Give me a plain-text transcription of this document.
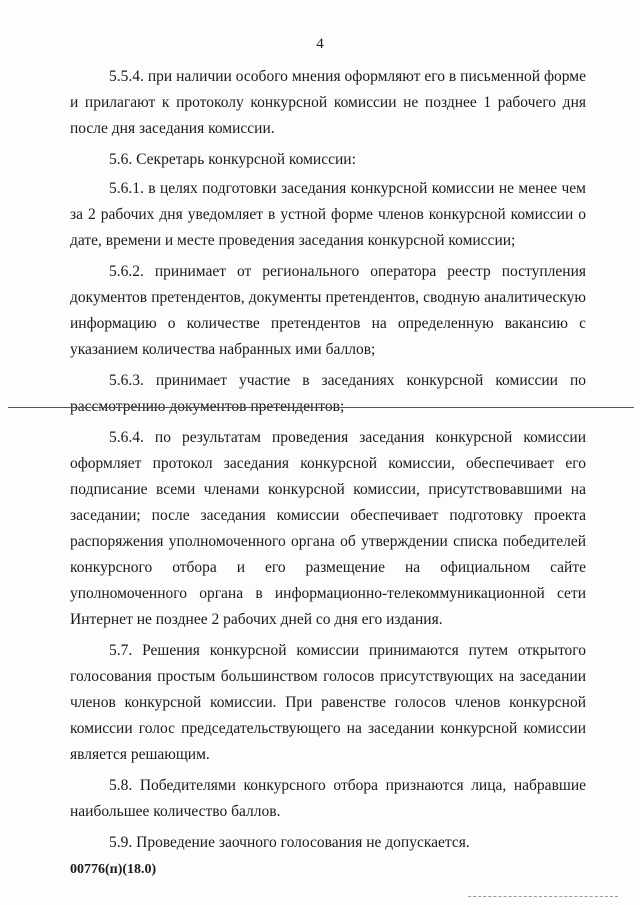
4

5.5.4. при наличии особого мнения оформляют его в письменной форме и прилагают к протоколу конкурсной комиссии не позднее 1 рабочего дня после дня заседания комиссии.

5.6. Секретарь конкурсной комиссии:

5.6.1. в целях подготовки заседания конкурсной комиссии не менее чем за 2 рабочих дня уведомляет в устной форме членов конкурсной комиссии о дате, времени и месте проведения заседания конкурсной комиссии;

5.6.2. принимает от регионального оператора реестр поступления документов претендентов, документы претендентов, сводную аналитическую информацию о количестве претендентов на определенную вакансию с указанием количества набранных ими баллов;

5.6.3. принимает участие в заседаниях конкурсной комиссии по рассмотрению документов претендентов;

5.6.4. по результатам проведения заседания конкурсной комиссии оформляет протокол заседания конкурсной комиссии, обеспечивает его подписание всеми членами конкурсной комиссии, присутствовавшими на заседании; после заседания комиссии обеспечивает подготовку проекта распоряжения уполномоченного органа об утверждении списка победителей конкурсного отбора и его размещение на официальном сайте уполномоченного органа в информационно-телекоммуникационной сети Интернет не позднее 2 рабочих дней со дня его издания.

5.7. Решения конкурсной комиссии принимаются путем открытого голосования простым большинством голосов присутствующих на заседании членов конкурсной комиссии. При равенстве голосов членов конкурсной комиссии голос председательствующего на заседании конкурсной комиссии является решающим.

5.8. Победителями конкурсного отбора признаются лица, набравшие наибольшее количество баллов.

5.9. Проведение заочного голосования не допускается.

00776(п)(18.0)
